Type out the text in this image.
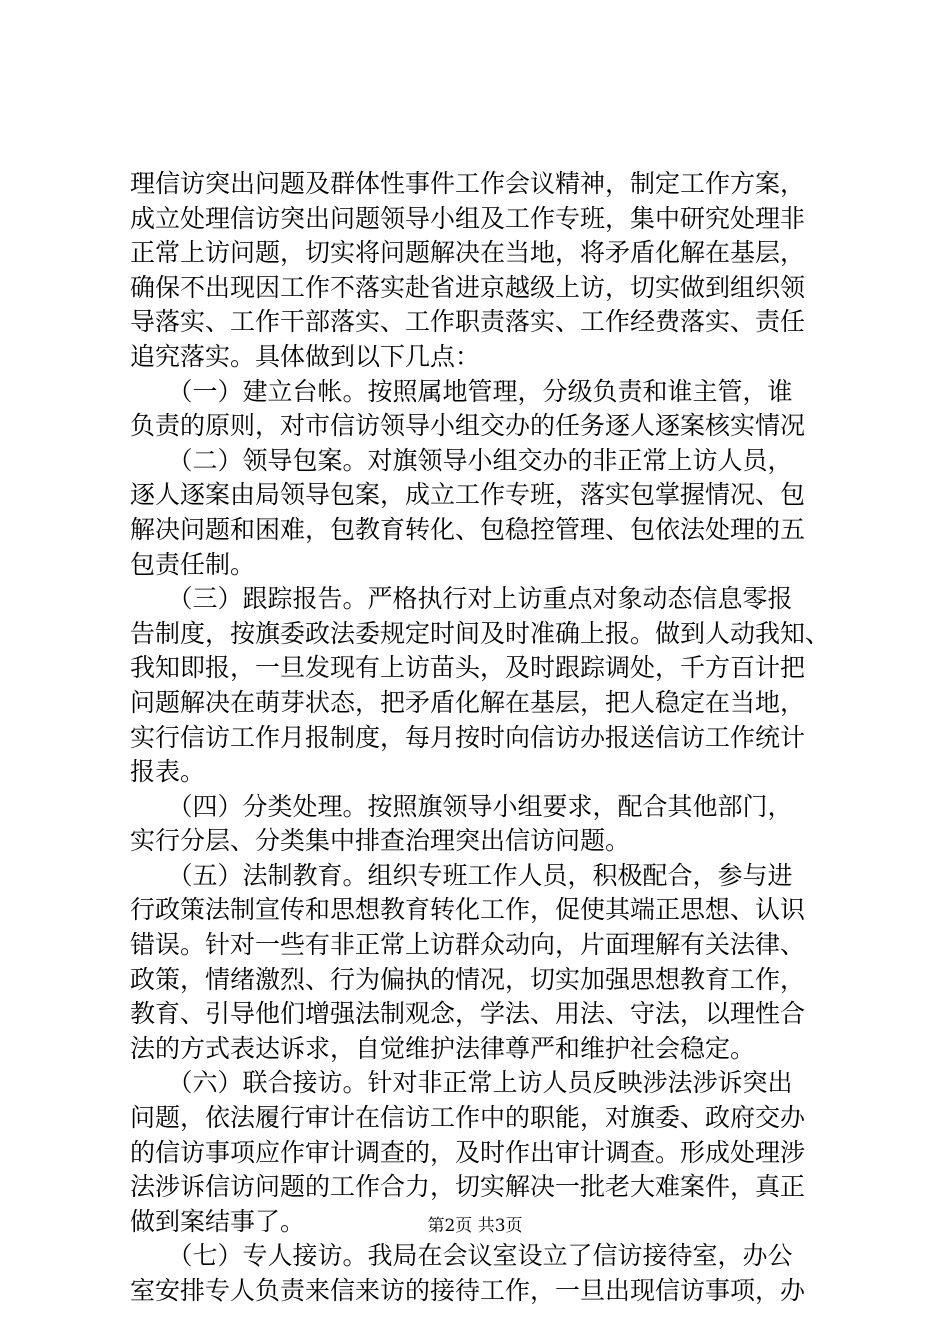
理信访突出问题及群体性事件工作会议精神，制定工作方案，
成立处理信访突出问题领导小组及工作专班，集中研究处理非
正常上访问题，切实将问题解决在当地，将矛盾化解在基层，
确保不出现因工作不落实赴省进京越级上访，切实做到组织领
导落实、工作干部落实、工作职责落实、工作经费落实、责任
追究落实。具体做到以下几点：
　　（一）建立台帐。按照属地管理，分级负责和谁主管，谁
负责的原则，对市信访领导小组交办的任务逐人逐案核实情况
　　（二）领导包案。对旗领导小组交办的非正常上访人员，
逐人逐案由局领导包案，成立工作专班，落实包掌握情况、包
解决问题和困难，包教育转化、包稳控管理、包依法处理的五
包责任制。
　　（三）跟踪报告。严格执行对上访重点对象动态信息零报
告制度，按旗委政法委规定时间及时准确上报。做到人动我知、
我知即报，一旦发现有上访苗头，及时跟踪调处，千方百计把
问题解决在萌芽状态，把矛盾化解在基层，把人稳定在当地，
实行信访工作月报制度，每月按时向信访办报送信访工作统计
报表。
　　（四）分类处理。按照旗领导小组要求，配合其他部门，
实行分层、分类集中排查治理突出信访问题。
　　（五）法制教育。组织专班工作人员，积极配合，参与进
行政策法制宣传和思想教育转化工作，促使其端正思想、认识
错误。针对一些有非正常上访群众动向，片面理解有关法律、
政策，情绪激烈、行为偏执的情况，切实加强思想教育工作，
教育、引导他们增强法制观念，学法、用法、守法，以理性合
法的方式表达诉求，自觉维护法律尊严和维护社会稳定。
　　（六）联合接访。针对非正常上访人员反映涉法涉诉突出
问题，依法履行审计在信访工作中的职能，对旗委、政府交办
的信访事项应作审计调查的，及时作出审计调查。形成处理涉
法涉诉信访问题的工作合力，切实解决一批老大难案件，真正
做到案结事了。
　　（七）专人接访。我局在会议室设立了信访接待室，办公
室安排专人负责来信来访的接待工作，一旦出现信访事项，办
第2页 共3页
